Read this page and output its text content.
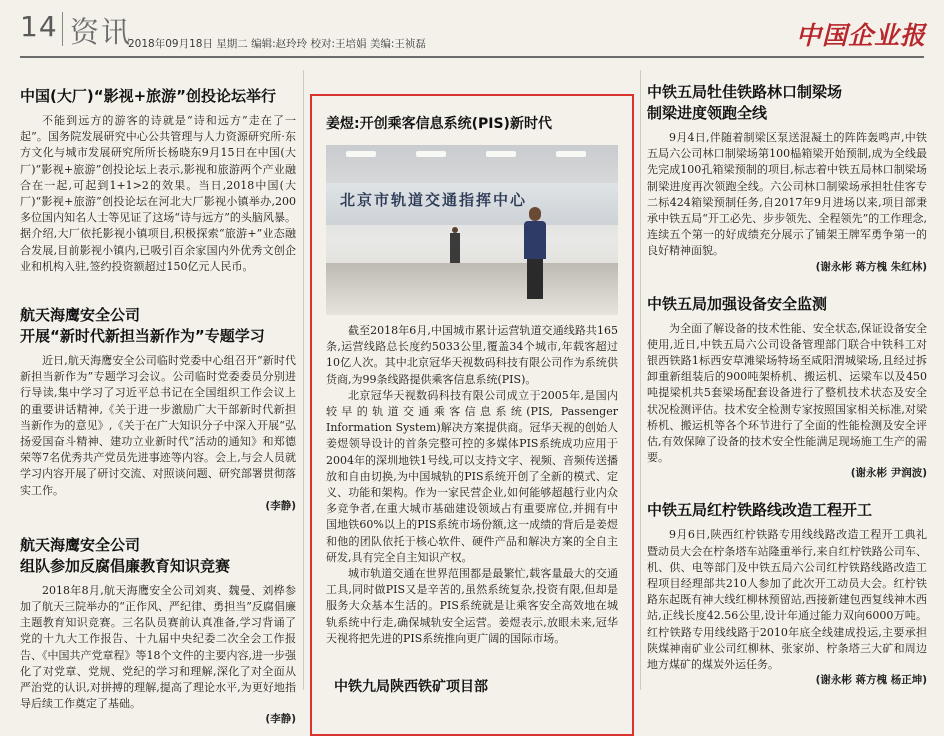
14 资讯
2018年09月18日 星期二 编辑:赵玲玲 校对:王培娟 美编:王祯磊	中国企业报
中国(大厂)“影视+旅游”创投论坛举行
不能到远方的游客的诗就是“诗和远方”走在了一起”。国务院发展研究中心公共管理与人力资源研究所·东方文化与城市发展研究所所长杨晓东9月15日在中国(大厂)“影视+旅游”创投论坛上表示,影视和旅游两个产业融合在一起,可起到1+1>2的效果。当日,2018中国(大厂)“影视+旅游”创投论坛在河北大厂影视小镇举办,200多位国内知名人士等见证了这场“诗与远方”的头脑风暴。据介绍,大厂依托影视小镇项目,积极探索“旅游+”业态融合发展,目前影视小镇内,已吸引百余家国内外优秀文创企业和机构入驻,签约投资额超过150亿元人民币。
航天海鹰安全公司
开展“新时代新担当新作为”专题学习
近日,航天海鹰安全公司临时党委中心组召开“新时代新担当新作为”专题学习会议。公司临时党委委员分别进行导读,集中学习了习近平总书记在全国组织工作会议上的重要讲话精神,《关于进一步激励广大干部新时代新担当新作为的意见》,《关于在广大知识分子中深入开展“弘扬爱国奋斗精神、建功立业新时代”活动的通知》和郑德荣等7名优秀共产党员先进事迹等内容。会上,与会人员就学习内容开展了研讨交流、对照谈问题、研究部署贯彻落实工作。
(李静)
航天海鹰安全公司
组队参加反腐倡廉教育知识竞赛
2018年8月,航天海鹰安全公司刘爽、魏曼、刘桦参加了航天三院举办的“正作风、严纪律、勇担当”反腐倡廉主题教育知识竞赛。三名队员赛前认真准备,学习背诵了党的十九大工作报告、十九届中央纪委二次全会工作报告、《中国共产党章程》等18个文件的主要内容,进一步强化了对党章、党规、党纪的学习和理解,深化了对全面从严治党的认识,对拼搏的理解,提高了理论水平,为更好地指导后续工作奠定了基础。
(李静)
姜煜:开创乘客信息系统(PIS)新时代
北京市轨道交通指挥中心
截至2018年6月,中国城市累计运营轨道交通线路共165条,运营线路总长度约5033公里,覆盖34个城市,年载客超过10亿人次。其中北京冠华天视数码科技有限公司作为系统供货商,为99条线路提供乘客信息系统(PIS)。
北京冠华天视数码科技有限公司成立于2005年,是国内较早的轨道交通乘客信息系统(PIS, Passenger Information System)解决方案提供商。冠华天视的创始人姜煜领导设计的首条完整可控的多媒体PIS系统成功应用于2004年的深圳地铁1号线,可以支持文字、视频、音频传送播放和自由切换,为中国城轨的PIS系统开创了全新的模式、定义、功能和架构。作为一家民营企业,如何能够超越行业内众多竞争者,在重大城市基础建设领域占有重要席位,并拥有中国地铁60%以上的PIS系统市场份额,这一成绩的背后是姜煜和他的团队依托于核心软件、硬件产品和解决方案的全自主研发,具有完全自主知识产权。
城市轨道交通在世界范围都是最繁忙,载客量最大的交通工具,同时做PIS又是辛苦的,虽然系统复杂,投资有限,但却是服务大众基本生活的。PIS系统就是让乘客安全高效地在城轨系统中行走,确保城轨安全运营。姜煜表示,放眼未来,冠华天视将把先进的PIS系统推向更广阔的国际市场。
中铁九局陕西铁矿项目部
中铁五局牡佳铁路林口制梁场
制梁进度领跑全线
9月4日,伴随着制梁区泵送混凝土的阵阵轰鸣声,中铁五局六公司林口制梁场第100榀箱梁开始预制,成为全线最先完成100孔箱梁预制的项目,标志着中铁五局林口制梁场制梁进度再次领跑全线。六公司林口制梁场承担牡佳客专二标424箱梁预制任务,自2017年9月进场以来,项目部秉承中铁五局“开工必先、步步领先、全程领先”的工作理念,连续五个第一的好成绩充分展示了铺架王牌军勇争第一的良好精神面貌。
(谢永彬 蒋方槐 朱红林)
中铁五局加强设备安全监测
为全面了解设备的技术性能、安全状态,保证设备安全使用,近日,中铁五局六公司设备管理部门联合中铁科工对银西铁路1标西安草滩梁场特场至咸阳渭城梁场,且经过拆卸重新组装后的900吨架桥机、搬运机、运梁车以及450吨提梁机共5套梁场配套设备进行了整机技术状态及安全状况检测评估。技术安全检测专家按照国家相关标准,对梁桥机、搬运机等各个环节进行了全面的性能检测及安全评估,有效保障了设备的技术安全性能满足现场施工生产的需要。
(谢永彬 尹润波)
中铁五局红柠铁路线改造工程开工
9月6日,陕西红柠铁路专用线线路改造工程开工典礼暨动员大会在柠条塔车站隆重举行,来自红柠铁路公司车、机、供、电等部门及中铁五局六公司红柠铁路线路改造工程项目经理部共210人参加了此次开工动员大会。红柠铁路东起既有神大线红柳林预留站,西接新建包西复线神木西站,正线长度42.56公里,设计年通过能力双向6000万吨。红柠铁路专用线线路于2010年底全线建成投运,主要承担陕煤神南矿业公司红柳林、张家峁、柠条塔三大矿和周边地方煤矿的煤炭外运任务。
(谢永彬 蒋方槐 杨正坤)
